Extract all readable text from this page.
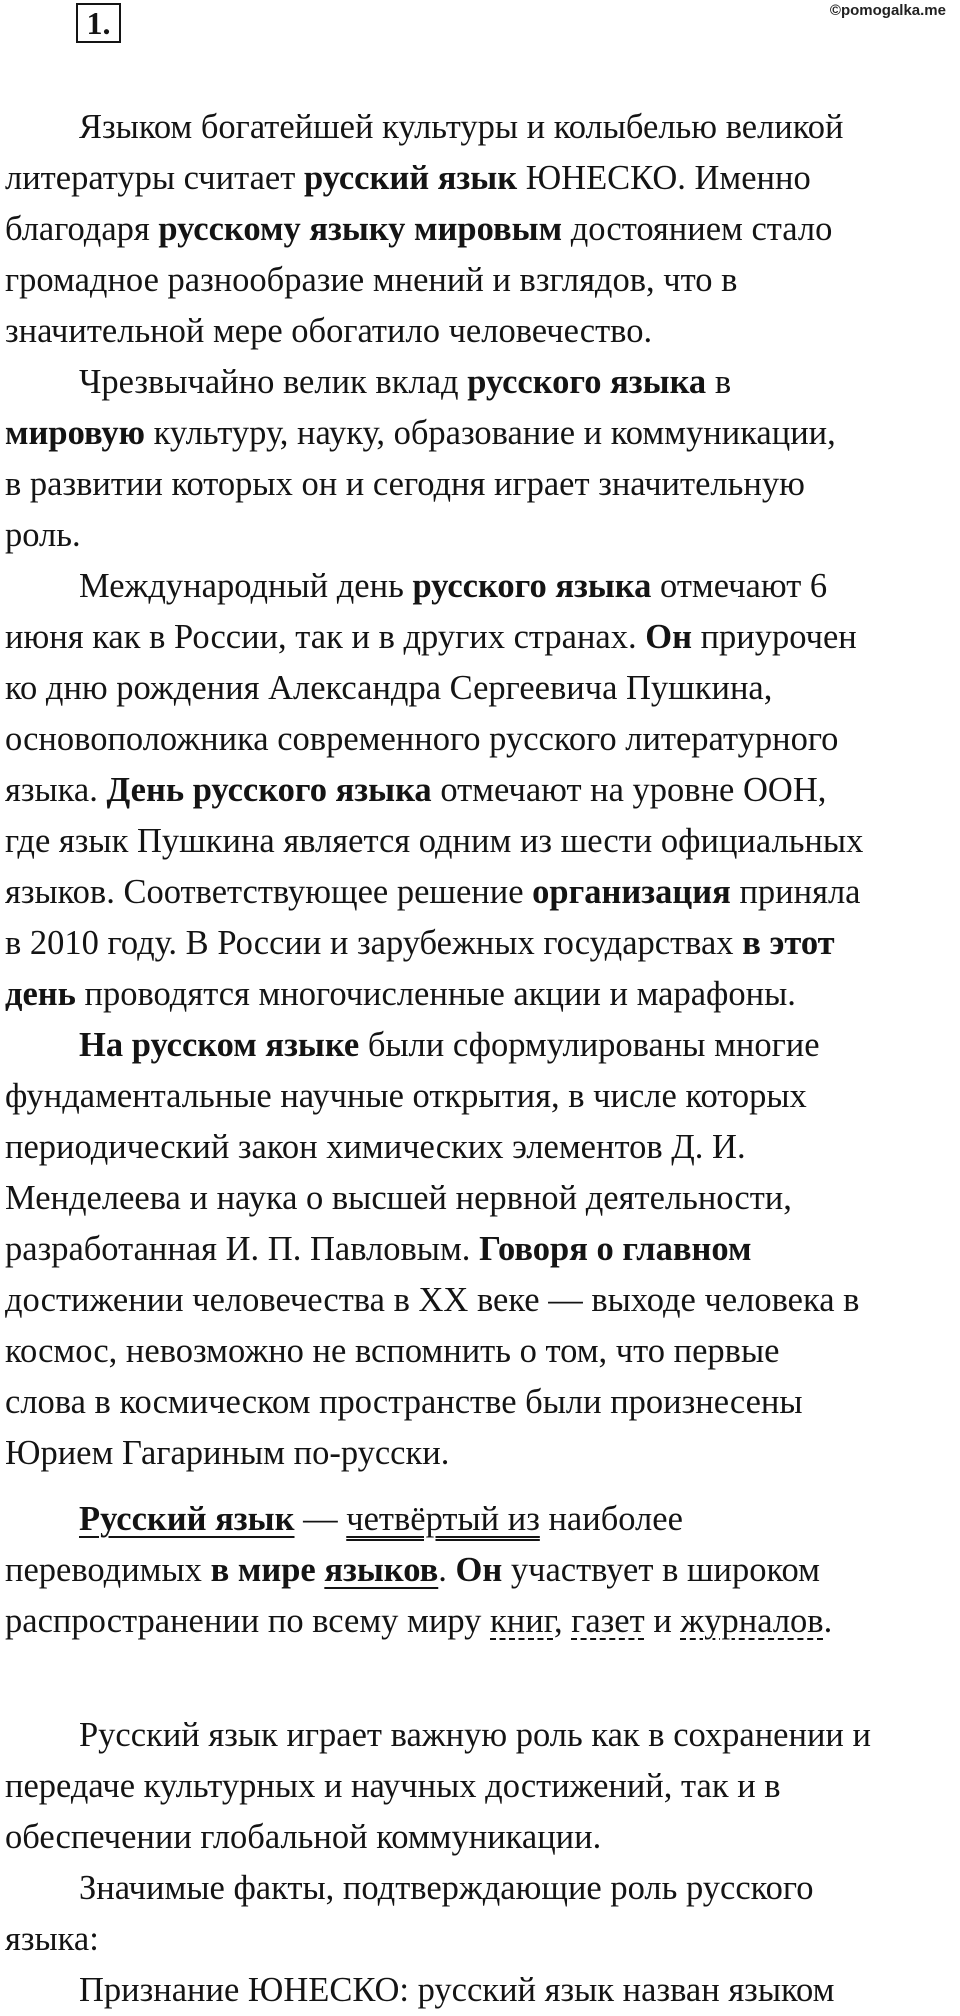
1.	©pomogalka.me
Языком богатейшей культуры и колыбелью великой
литературы считает русский язык ЮНЕСКО. Именно
благодаря русскому языку мировым достоянием стало
громадное разнообразие мнений и взглядов, что в
значительной мере обогатило человечество.
Чрезвычайно велик вклад русского языка в
мировую культуру, науку, образование и коммуникации,
в развитии которых он и сегодня играет значительную
роль.
Международный день русского языка отмечают 6
июня как в России, так и в других странах. Он приурочен
ко дню рождения Александра Сергеевича Пушкина,
основоположника современного русского литературного
языка. День русского языка отмечают на уровне ООН,
где язык Пушкина является одним из шести официальных
языков. Соответствующее решение организация приняла
в 2010 году. В России и зарубежных государствах в этот
день проводятся многочисленные акции и марафоны.
На русском языке были сформулированы многие
фундаментальные научные открытия, в числе которых
периодический закон химических элементов Д. И.
Менделеева и наука о высшей нервной деятельности,
разработанная И. П. Павловым. Говоря о главном
достижении человечества в XX веке — выходе человека в
космос, невозможно не вспомнить о том, что первые
слова в космическом пространстве были произнесены
Юрием Гагариным по-русски.
Русский язык — четвёртый из наиболее
переводимых в мире языков. Он участвует в широком
распространении по всему миру книг, газет и журналов.
Русский язык играет важную роль как в сохранении и
передаче культурных и научных достижений, так и в
обеспечении глобальной коммуникации.
Значимые факты, подтверждающие роль русского
языка:
Признание ЮНЕСКО: русский язык назван языком
